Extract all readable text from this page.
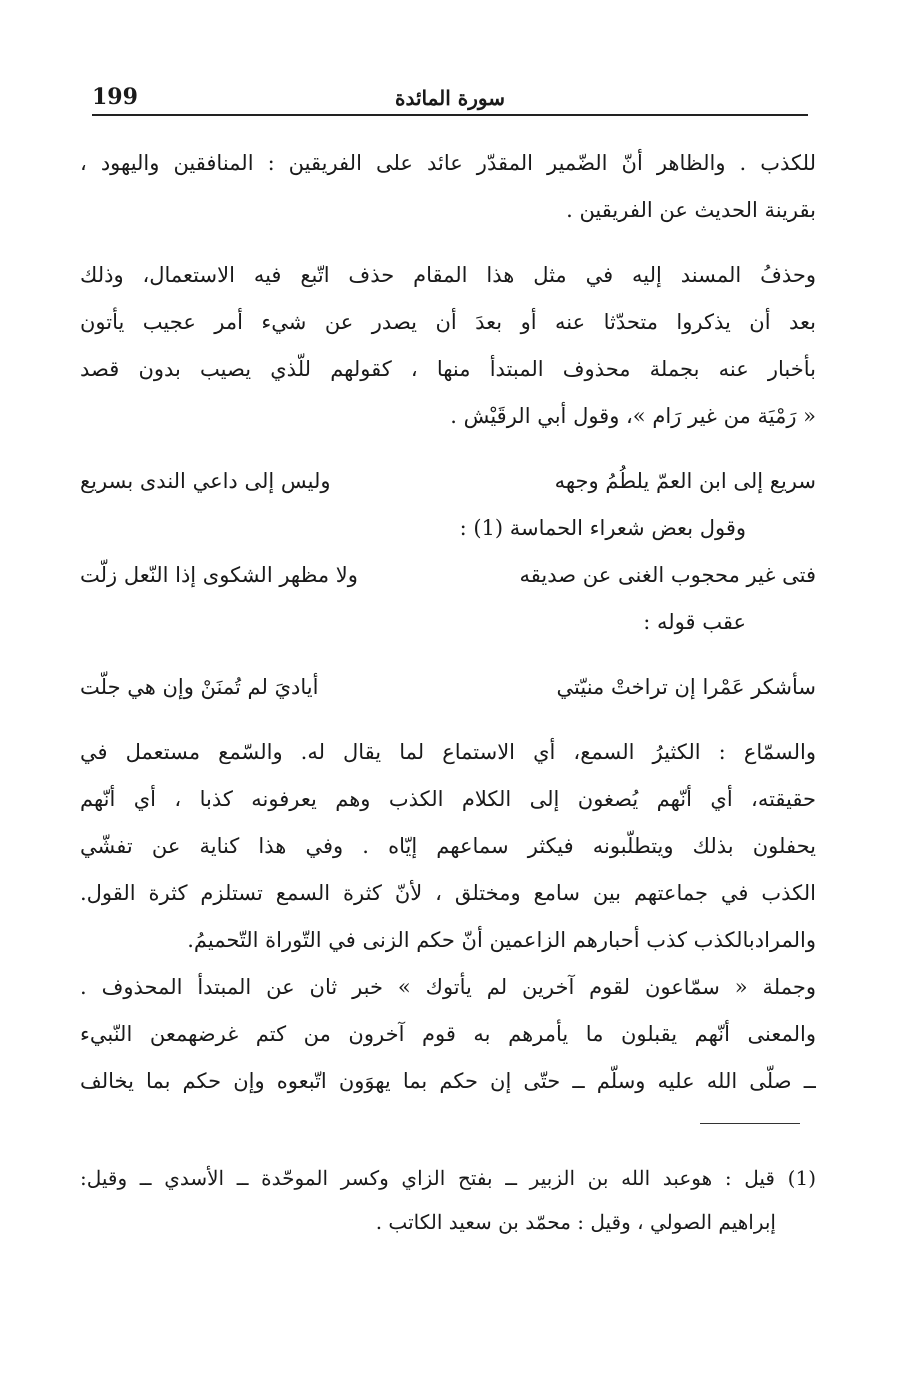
199	سورة المائدة
للكذب . والظاهر أنّ الضّمير المقدّر عائد على الفريقين : المنافقين واليهود ،
بقرينة الحديث عن الفريقين .
وحذفُ المسند إليه في مثل هذا المقام حذف اتّبع فيه الاستعمال، وذلك
بعد أن يذكروا متحدّثا عنه أو بعدَ أن يصدر عن شيء أمر عجيب يأتون
بأخبار عنه بجملة محذوف المبتدأ منها ، كقولهم للّذي يصيب بدون قصد
« رَمْيَة من غير رَام »، وقول أبي الرقَيْش .
سريع إلى ابن العمّ يلطُمُ وجهه
وليس إلى داعي الندى بسريع
وقول بعض شعراء الحماسة (1) :
فتى غير محجوب الغنى عن صديقه
ولا مظهر الشكوى إذا النّعل زلّت
عقب قوله :
سأشكر عَمْرا إن تراختْ منيّتي
أياديَ لم تُمنَنْ وإن هي جلّت
والسمّاع : الكثيرُ السمع، أي الاستماع لما يقال له. والسّمع مستعمل في
حقيقته، أي أنّهم يُصغون إلى الكلام الكذب وهم يعرفونه كذبا ، أي أنّهم
يحفلون بذلك ويتطلّبونه فيكثر سماعهم إيّاه . وفي هذا كناية عن تفشّي
الكذب في جماعتهم بين سامع ومختلق ، لأنّ كثرة السمع تستلزم كثرة القول.
والمرادبالكذب كذب أحبارهم الزاعمين أنّ حكم الزنى في التّوراة التّحميمُ.
وجملة « سمّاعون لقوم آخرين لم يأتوك » خبر ثان عن المبتدأ المحذوف .
والمعنى أنّهم يقبلون ما يأمرهم به قوم آخرون من كتم غرضهمعن النّبيء
ــ صلّى الله عليه وسلّم ــ حتّى إن حكم بما يهوَون اتّبعوه وإن حكم بما يخالف
(1) قيل : هوعبد الله بن الزبير ــ بفتح الزاي وكسر الموحّدة ــ الأسدي ــ وقيل:
إبراهيم الصولي ، وقيل : محمّد بن سعيد الكاتب .
